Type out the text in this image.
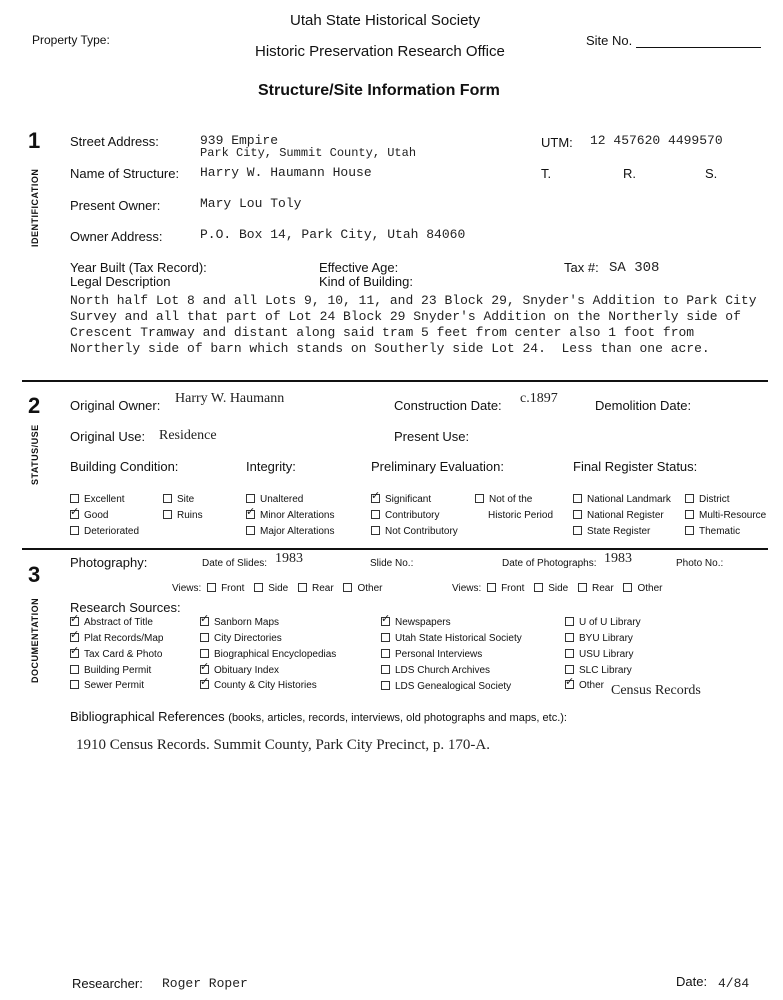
Property Type:
Utah State Historical Society
Historic Preservation Research Office
Site No.
Structure/Site Information Form
1
IDENTIFICATION
Street Address:	939 Empire
Park City, Summit County, Utah
Name of Structure: Harry W. Haumann House
Present Owner:	Mary Lou Toly
Owner Address:	P.O. Box 14, Park City, Utah 84060
UTM: 12 457620 4499570
T.	R.	S.
Year Built (Tax Record):	Effective Age:	Tax #: SA 308
Legal Description	Kind of Building:
North half Lot 8 and all Lots 9, 10, 11, and 23 Block 29, Snyder's Addition to Park City
Survey and all that part of Lot 24 Block 29 Snyder's Addition on the Northerly side of
Crescent Tramway and distant along said tram 5 feet from center also 1 foot from
Northerly side of barn which stands on Southerly side Lot 24.  Less than one acre.
2
STATUS/USE
Original Owner: Harry W. Haumann	Construction Date: c.1897	Demolition Date:
Original Use: Residence	Present Use:
Building Condition:	Integrity:	Preliminary Evaluation:	Final Register Status:
Excellent	Site
✓ Good	Ruins
Deteriorated
Unaltered
✓ Minor Alterations
Major Alterations
✓ Significant
Contributory
Not Contributory
Not of the
Historic Period
National Landmark
National Register
State Register
District
Multi-Resource
Thematic
3
DOCUMENTATION
Photography:	Date of Slides: 1983	Slide No.:	Date of Photographs: 1983	Photo No.:
Views: Front Side Rear Other	Views: Front Side Rear Other
Research Sources:
✓ Abstract of Title
✓ Plat Records/Map
✓ Tax Card & Photo
Building Permit
Sewer Permit
✓ Sanborn Maps
City Directories
Biographical Encyclopedias
✓ Obituary Index
✓ County & City Histories
✓ Newspapers
Utah State Historical Society
Personal Interviews
LDS Church Archives
LDS Genealogical Society
U of U Library
BYU Library
USU Library
SLC Library
✓ Other Census Records
Bibliographical References (books, articles, records, interviews, old photographs and maps, etc.):
1910 Census Records. Summit County, Park City Precinct, p. 170-A.
Researcher: Roger Roper	Date: 4/84
